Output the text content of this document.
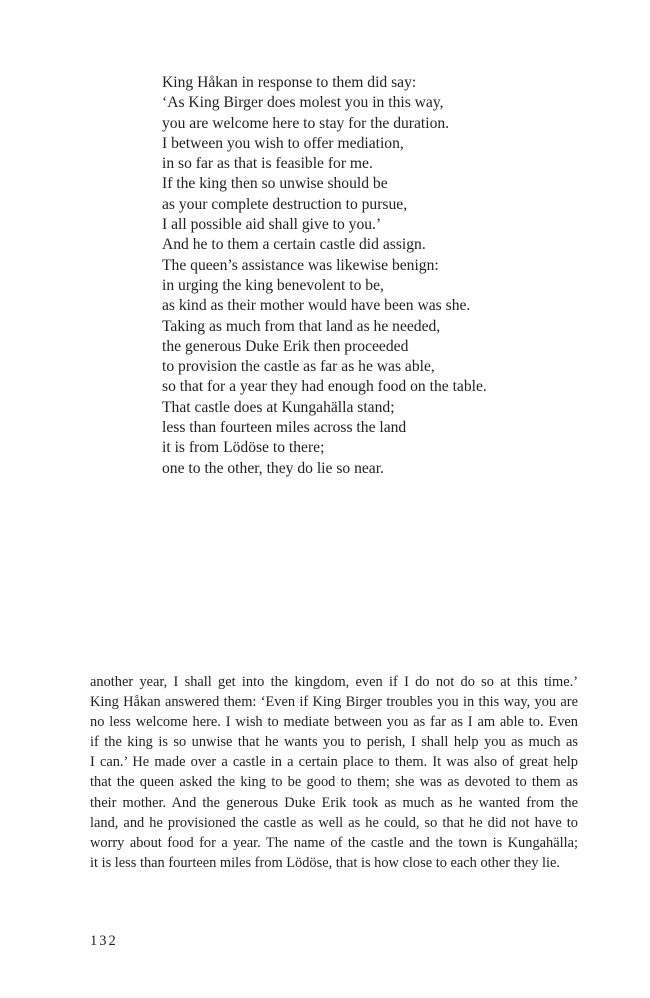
King Håkan in response to them did say:
‘As King Birger does molest you in this way,
you are welcome here to stay for the duration.
I between you wish to offer mediation,
in so far as that is feasible for me.
If the king then so unwise should be
as your complete destruction to pursue,
I all possible aid shall give to you.’
And he to them a certain castle did assign.
The queen’s assistance was likewise benign:
in urging the king benevolent to be,
as kind as their mother would have been was she.
Taking as much from that land as he needed,
the generous Duke Erik then proceeded
to provision the castle as far as he was able,
so that for a year they had enough food on the table.
That castle does at Kungahälla stand;
less than fourteen miles across the land
it is from Lödöse to there;
one to the other, they do lie so near.
another year, I shall get into the kingdom, even if I do not do so at this time.’
King Håkan answered them: ‘Even if King Birger troubles you in this way, you are
no less welcome here. I wish to mediate between you as far as I am able to. Even
if the king is so unwise that he wants you to perish, I shall help you as much as
I can.’ He made over a castle in a certain place to them. It was also of great help
that the queen asked the king to be good to them; she was as devoted to them as
their mother. And the generous Duke Erik took as much as he wanted from the
land, and he provisioned the castle as well as he could, so that he did not have to
worry about food for a year. The name of the castle and the town is Kungahälla;
it is less than fourteen miles from Lödöse, that is how close to each other they lie.
132
